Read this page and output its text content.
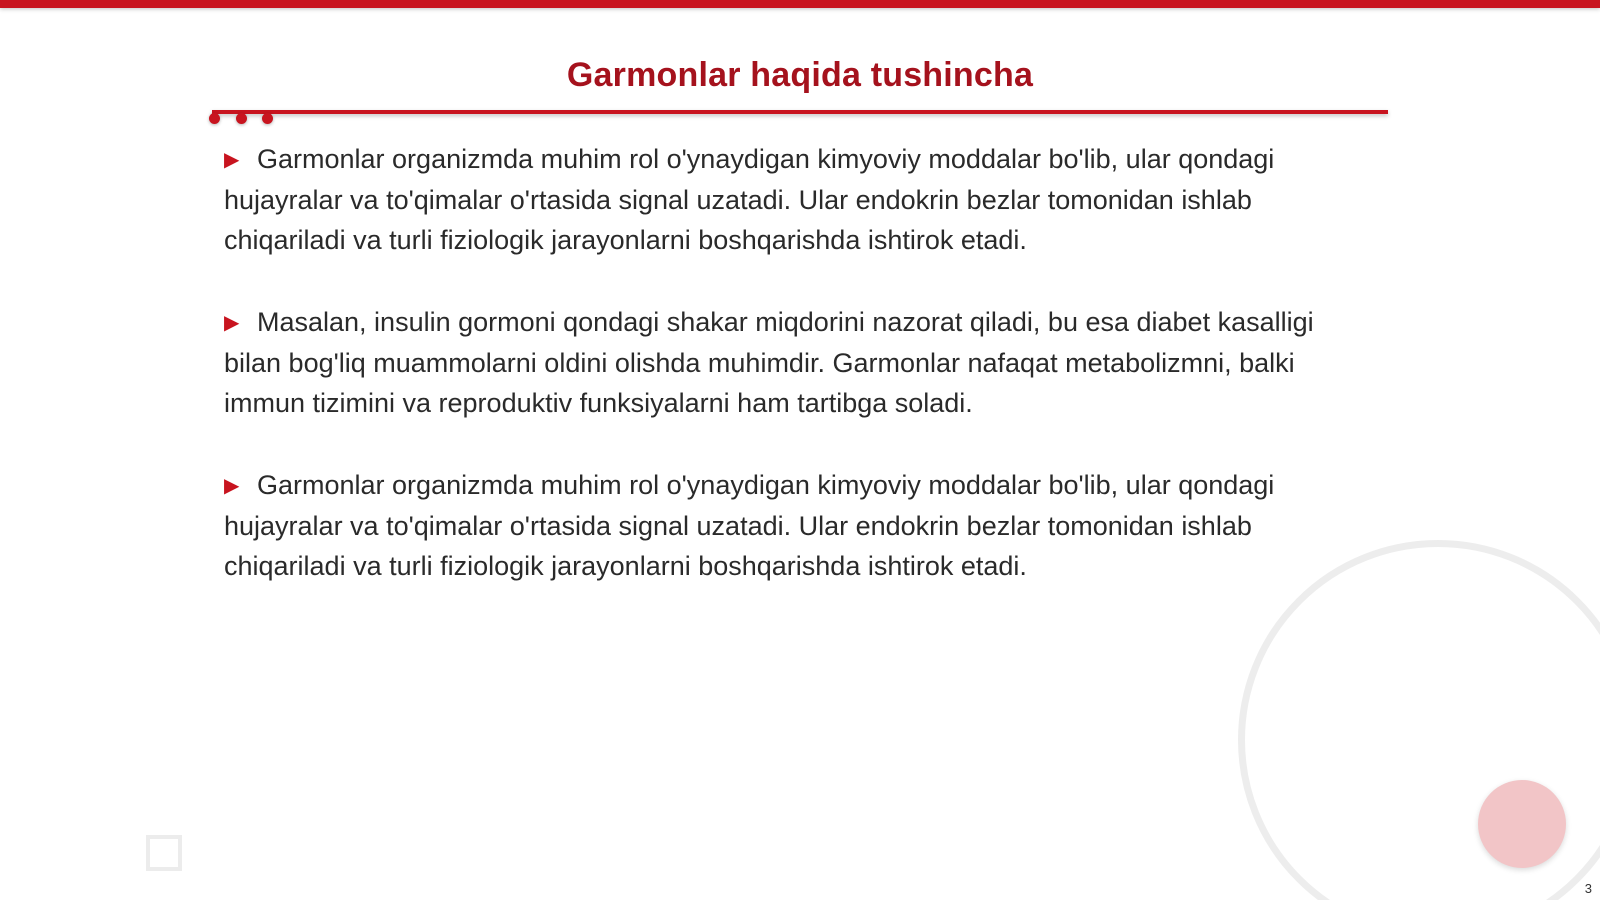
Garmonlar haqida tushincha

▶ Garmonlar organizmda muhim rol o'ynaydigan kimyoviy moddalar bo'lib, ular qondagi hujayralar va to'qimalar o'rtasida signal uzatadi. Ular endokrin bezlar tomonidan ishlab chiqariladi va turli fiziologik jarayonlarni boshqarishda ishtirok etadi.

▶ Masalan, insulin gormoni qondagi shakar miqdorini nazorat qiladi, bu esa diabet kasalligi bilan bog'liq muammolarni oldini olishda muhimdir. Garmonlar nafaqat metabolizmni, balki immun tizimini va reproduktiv funksiyalarni ham tartibga soladi.

▶ Garmonlar organizmda muhim rol o'ynaydigan kimyoviy moddalar bo'lib, ular qondagi hujayralar va to'qimalar o'rtasida signal uzatadi. Ular endokrin bezlar tomonidan ishlab chiqariladi va turli fiziologik jarayonlarni boshqarishda ishtirok etadi.

3
